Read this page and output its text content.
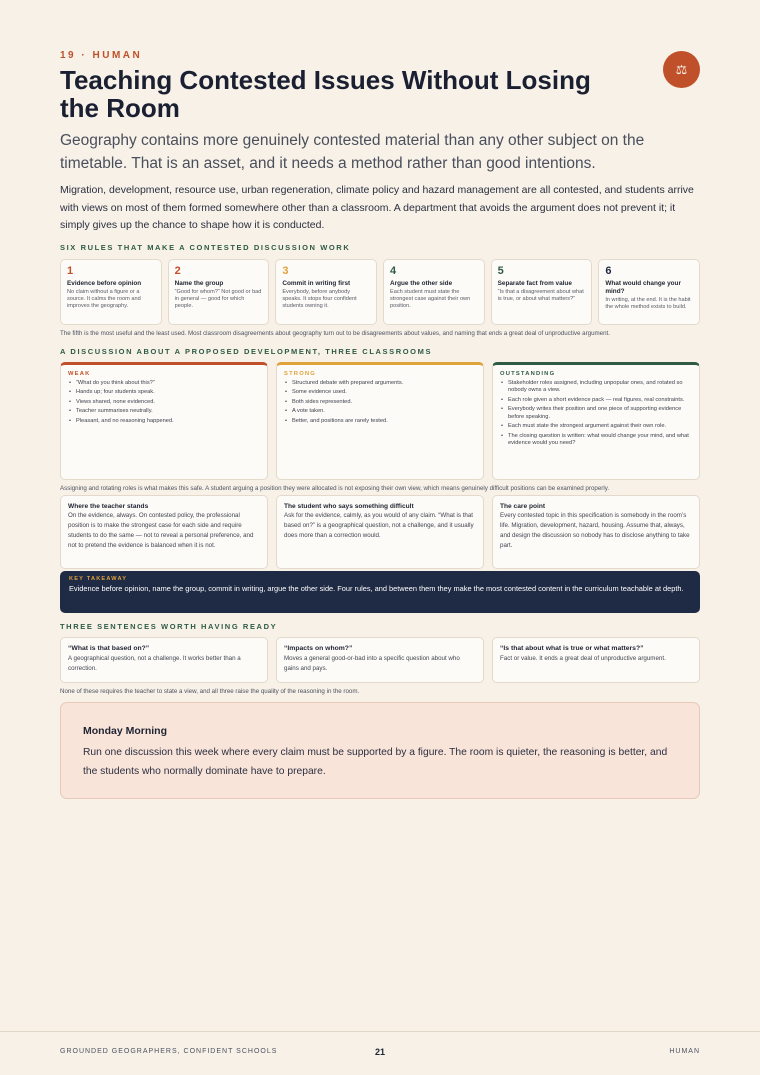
⚖
19 · HUMAN
Teaching Contested Issues Without Losing the Room

Geography contains more genuinely contested material than any other subject on the timetable. That is an asset, and it needs a method rather than good intentions.

Migration, development, resource use, urban regeneration, climate policy and hazard management are all contested, and students arrive with views on most of them formed somewhere other than a classroom. A department that avoids the argument does not prevent it; it simply gives up the chance to shape how it is conducted.

SIX RULES THAT MAKE A CONTESTED DISCUSSION WORK
1
Evidence before opinion
No claim without a figure or a source. It calms the room and improves the geography.
2
Name the group
“Good for whom?” Not good or bad in general — good for which people.
3
Commit in writing first
Everybody, before anybody speaks. It stops four confident students owning it.
4
Argue the other side
Each student must state the strongest case against their own position.
5
Separate fact from value
“Is that a disagreement about what is true, or about what matters?”
6
What would change your mind?
In writing, at the end. It is the habit the whole method exists to build.
The fifth is the most useful and the least used. Most classroom disagreements about geography turn out to be disagreements about values, and naming that ends a great deal of unproductive argument.
A DISCUSSION ABOUT A PROPOSED DEVELOPMENT, THREE CLASSROOMS
WEAK
• “What do you think about this?”
• Hands up; four students speak.
• Views shared, none evidenced.
• Teacher summarises neutrally.
• Pleasant, and no reasoning happened.
STRONG
• Structured debate with prepared arguments.
• Some evidence used.
• Both sides represented.
• A vote taken.
• Better, and positions are rarely tested.
OUTSTANDING
• Stakeholder roles assigned, including unpopular ones, and rotated so nobody owns a view.
• Each role given a short evidence pack — real figures, real constraints.
• Everybody writes their position and one piece of supporting evidence before speaking.
• Each must state the strongest argument against their own role.
• The closing question is written: what would change your mind, and what evidence would you need?
Assigning and rotating roles is what makes this safe. A student arguing a position they were allocated is not exposing their own view, which means genuinely difficult positions can be examined properly.
Where the teacher stands
On the evidence, always. On contested policy, the professional position is to make the strongest case for each side and require students to do the same — not to reveal a personal preference, and not to pretend the evidence is balanced when it is not.
The student who says something difficult
Ask for the evidence, calmly, as you would of any claim. “What is that based on?” is a geographical question, not a challenge, and it usually does more than a correction would.
The care point
Every contested topic in this specification is somebody in the room’s life. Migration, development, hazard, housing. Assume that, always, and design the discussion so nobody has to disclose anything to take part.
KEY TAKEAWAY
Evidence before opinion, name the group, commit in writing, argue the other side. Four rules, and between them they make the most contested content in the curriculum teachable at depth.
THREE SENTENCES WORTH HAVING READY
“What is that based on?”
A geographical question, not a challenge. It works better than a correction.
“Impacts on whom?”
Moves a general good-or-bad into a specific question about who gains and pays.
“Is that about what is true or what matters?”
Fact or value. It ends a great deal of unproductive argument.
None of these requires the teacher to state a view, and all three raise the quality of the reasoning in the room.
Monday Morning
Run one discussion this week where every claim must be supported by a figure. The room is quieter, the reasoning is better, and the students who normally dominate have to prepare.
GROUNDED GEOGRAPHERS, CONFIDENT SCHOOLS	21	HUMAN
